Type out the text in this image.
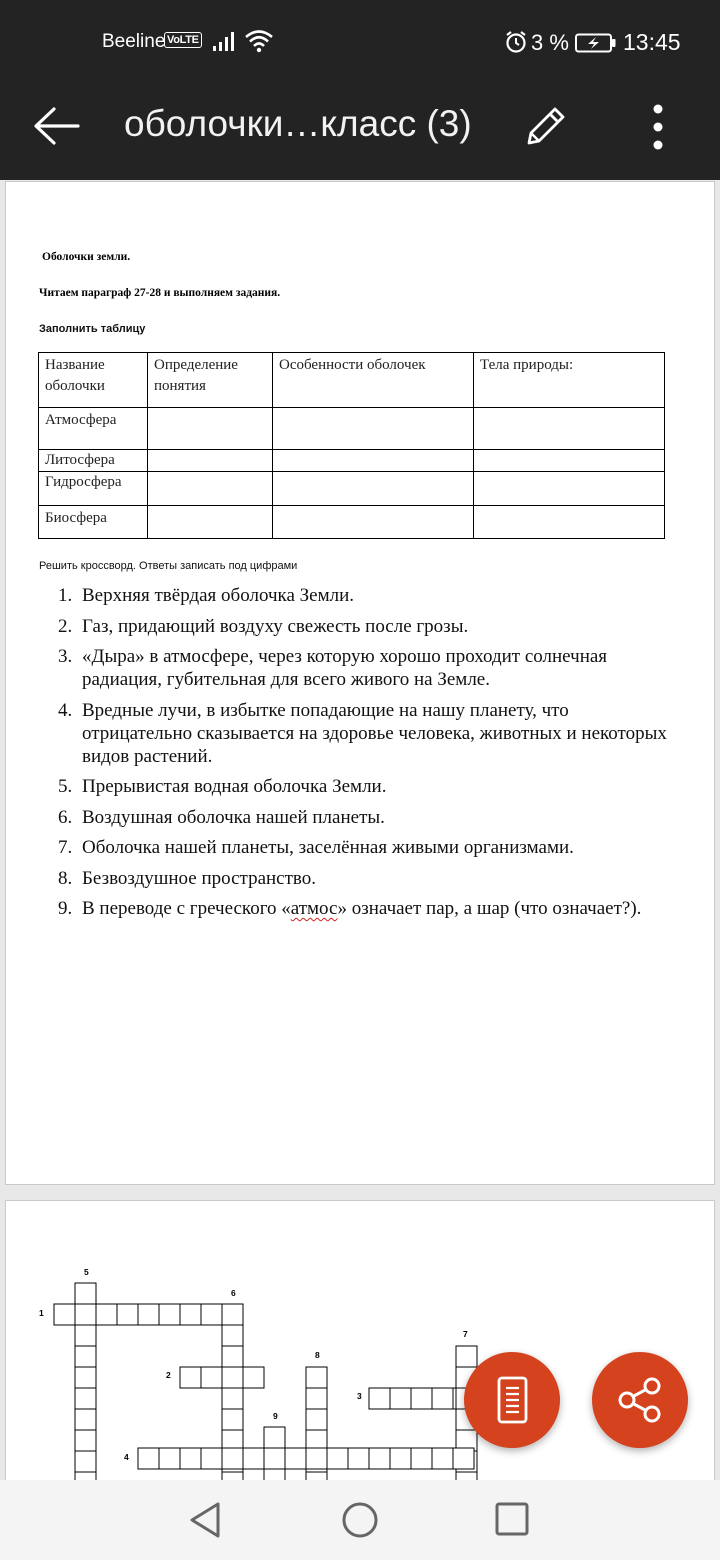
Beeline VoLTE	3 % 13:45
оболочки…класс (3)
Оболочки земли.
Читаем параграф 27-28 и выполняем задания.
Заполнить таблицу
Название оболочки	Определение понятия	Особенности оболочек	Тела природы:
Атмосфера			
Литосфера			
Гидросфера			
Биосфера			
Решить кроссворд. Ответы записать под цифрами
1. Верхняя твёрдая оболочка Земли.
2. Газ, придающий воздуху свежесть после грозы.
3. «Дыра» в атмосфере, через которую хорошо проходит солнечная радиация, губительная для всего живого на Земле.
4. Вредные лучи, в избытке попадающие на нашу планету, что отрицательно сказывается на здоровье человека, животных и некоторых видов растений.
5. Прерывистая водная оболочка Земли.
6. Воздушная оболочка нашей планеты.
7. Оболочка нашей планеты, заселённая живыми организмами.
8. Безвоздушное пространство.
9. В переводе с греческого «атмос» означает пар, а шар (что означает?).
5
6
1
7
8
2
3
9
4
